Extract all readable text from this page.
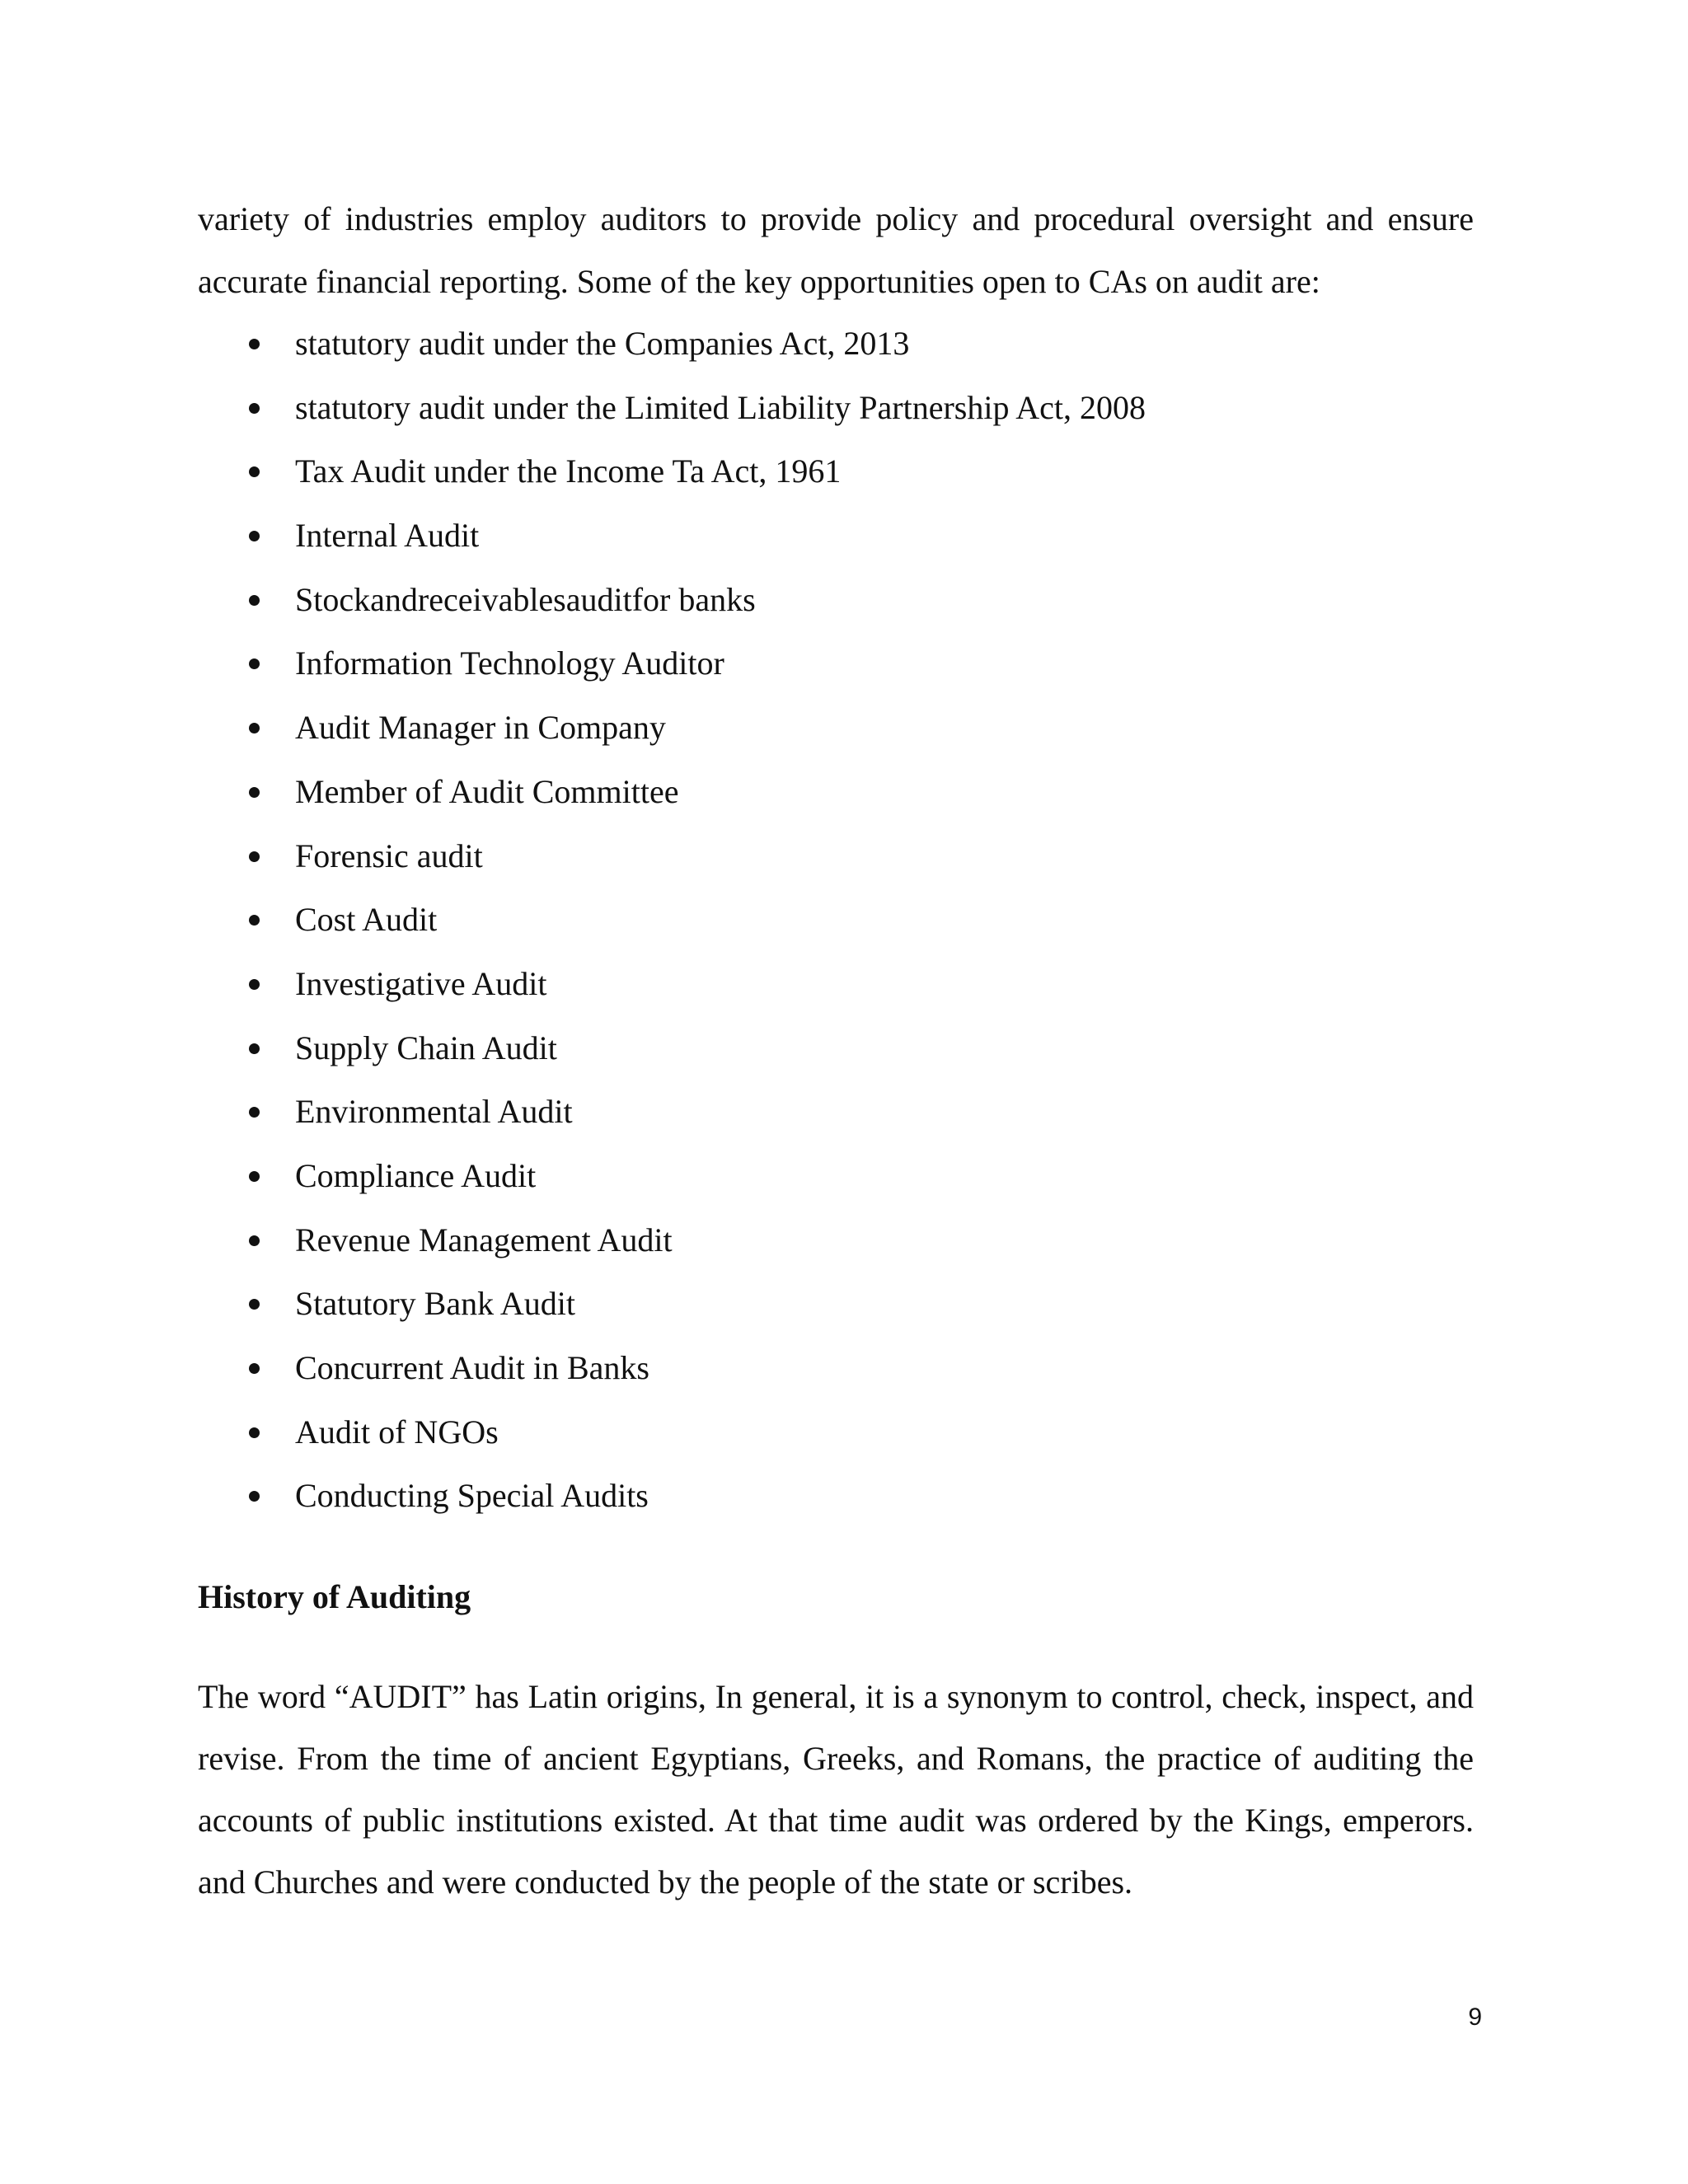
variety of industries employ auditors to provide policy and procedural oversight and ensure accurate financial reporting. Some of the key opportunities open to CAs on audit are:

statutory audit under the Companies Act, 2013
statutory audit under the Limited Liability Partnership Act, 2008
Tax Audit under the Income Ta Act, 1961
Internal Audit
Stockandreceivablesauditfor banks
Information Technology Auditor
Audit Manager in Company
Member of Audit Committee
Forensic audit
Cost Audit
Investigative Audit
Supply Chain Audit
Environmental Audit
Compliance Audit
Revenue Management Audit
Statutory Bank Audit
Concurrent Audit in Banks
Audit of NGOs
Conducting Special Audits
History of Auditing

The word “AUDIT” has Latin origins, In general, it is a synonym to control, check, inspect, and revise. From the time of ancient Egyptians, Greeks, and Romans, the practice of auditing the accounts of public institutions existed. At that time audit was ordered by the Kings, emperors. and Churches and were conducted by the people of the state or scribes.

9
